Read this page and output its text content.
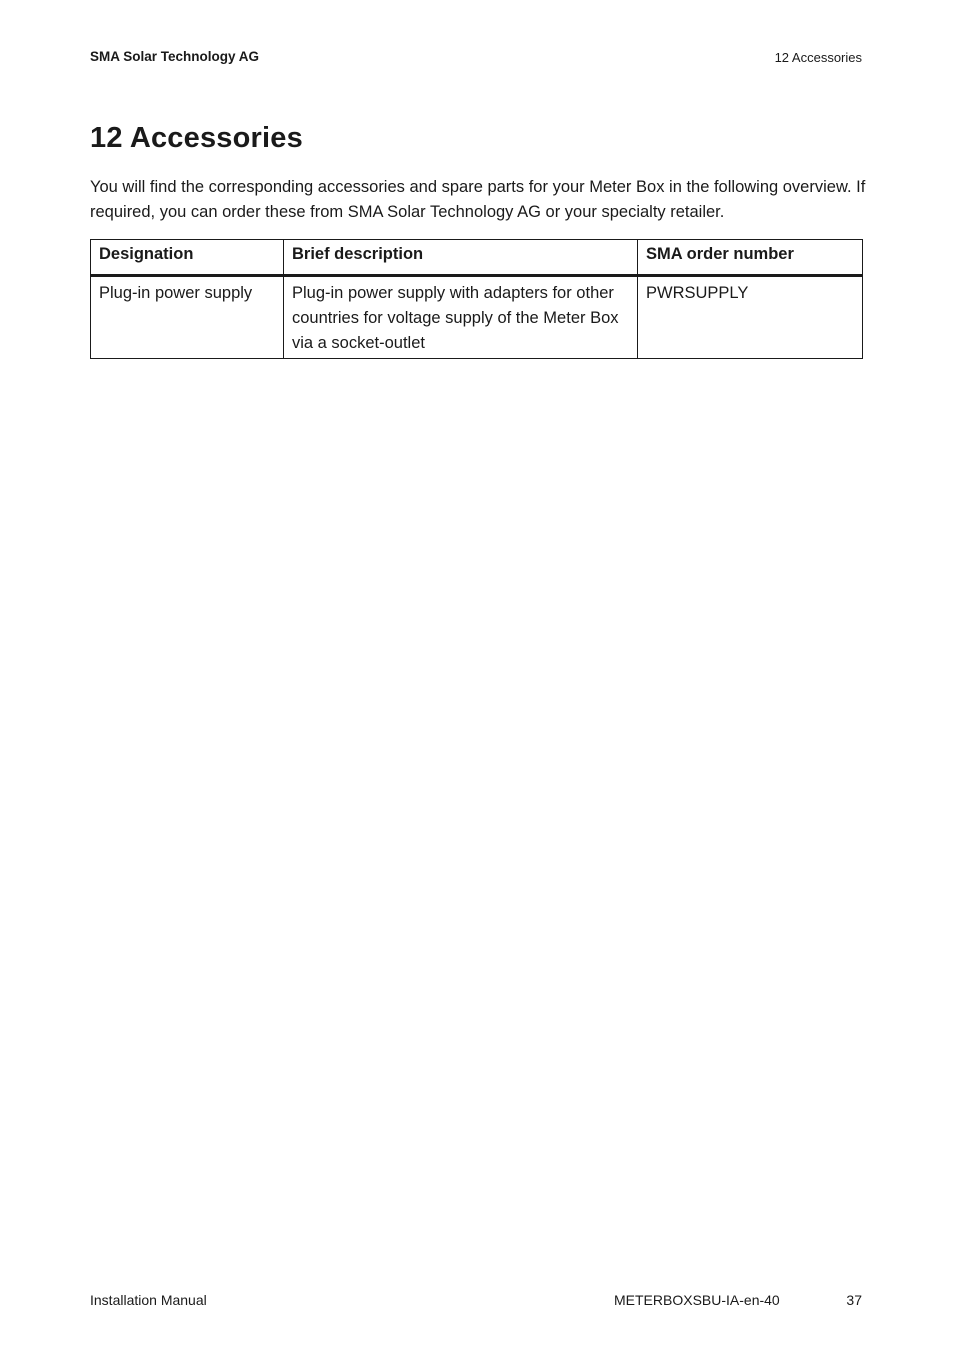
SMA Solar Technology AG	12 Accessories
12 Accessories

You will find the corresponding accessories and spare parts for your Meter Box in the following overview. If required, you can order these from SMA Solar Technology AG or your specialty retailer.

Designation	Brief description	SMA order number
Plug-in power supply	Plug-in power supply with adapters for other countries for voltage supply of the Meter Box via a socket-outlet	PWRSUPPLY
Installation Manual	METERBOXSBU-IA-en-40	37
